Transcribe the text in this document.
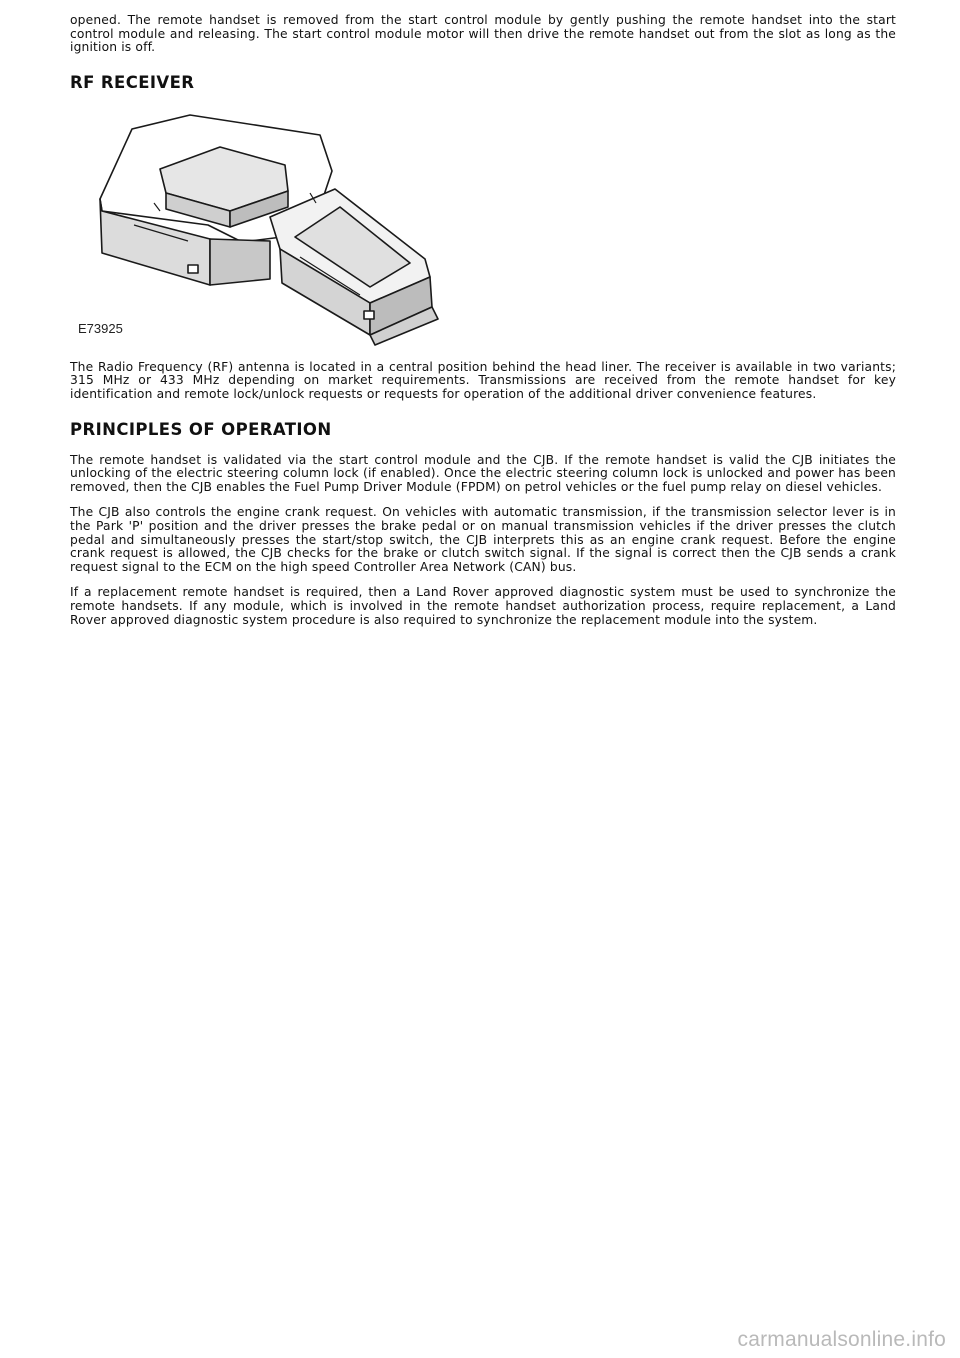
opened. The remote handset is removed from the start control module by gently pushing the remote handset into the start control module and releasing. The start control module motor will then drive the remote handset out from the slot as long as the ignition is off.

RF RECEIVER
E73925

The Radio Frequency (RF) antenna is located in a central position behind the head liner. The receiver is available in two variants; 315 MHz or 433 MHz depending on market requirements. Transmissions are received from the remote handset for key identification and remote lock/unlock requests or requests for operation of the additional driver convenience features.

PRINCIPLES OF OPERATION

The remote handset is validated via the start control module and the CJB. If the remote handset is valid the CJB initiates the unlocking of the electric steering column lock (if enabled). Once the electric steering column lock is unlocked and power has been removed, then the CJB enables the Fuel Pump Driver Module (FPDM) on petrol vehicles or the fuel pump relay on diesel vehicles.

The CJB also controls the engine crank request. On vehicles with automatic transmission, if the transmission selector lever is in the Park 'P' position and the driver presses the brake pedal or on manual transmission vehicles if the driver presses the clutch pedal and simultaneously presses the start/stop switch, the CJB interprets this as an engine crank request. Before the engine crank request is allowed, the CJB checks for the brake or clutch switch signal. If the signal is correct then the CJB sends a crank request signal to the ECM on the high speed Controller Area Network (CAN) bus.

If a replacement remote handset is required, then a Land Rover approved diagnostic system must be used to synchronize the remote handsets. If any module, which is involved in the remote handset authorization process, require replacement, a Land Rover approved diagnostic system procedure is also required to synchronize the replacement module into the system.

carmanualsonline.info
